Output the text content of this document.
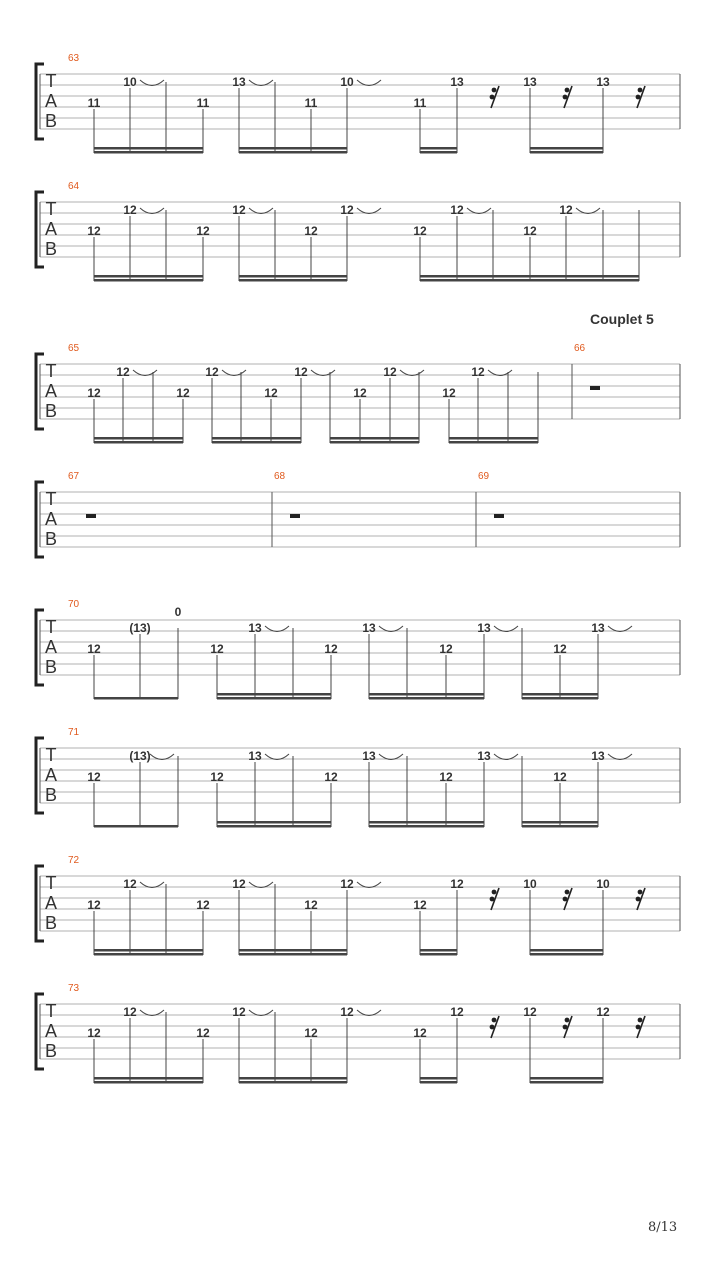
T
A
B
63
11
10
11
13
11
10
11
13	13	13
T
A
B
64
12
12
12
12
12
12
12
12
12
12
T
A
B
65	66
12
12
12
12
12
12
12
12
12
12
T
A
B
67	68	69
T
A
B
70
12
(13)
0
12
13
12
13
12
13
12
13
T
A
B
71
12
(13)
12
13
12
13
12
13
12
13
T
A
B
72
12
12
12
12
12
12
12
12	10	10
T
A
B
73
12
12
12
12
12
12
12
12	12	12
Couplet 5
8/13
